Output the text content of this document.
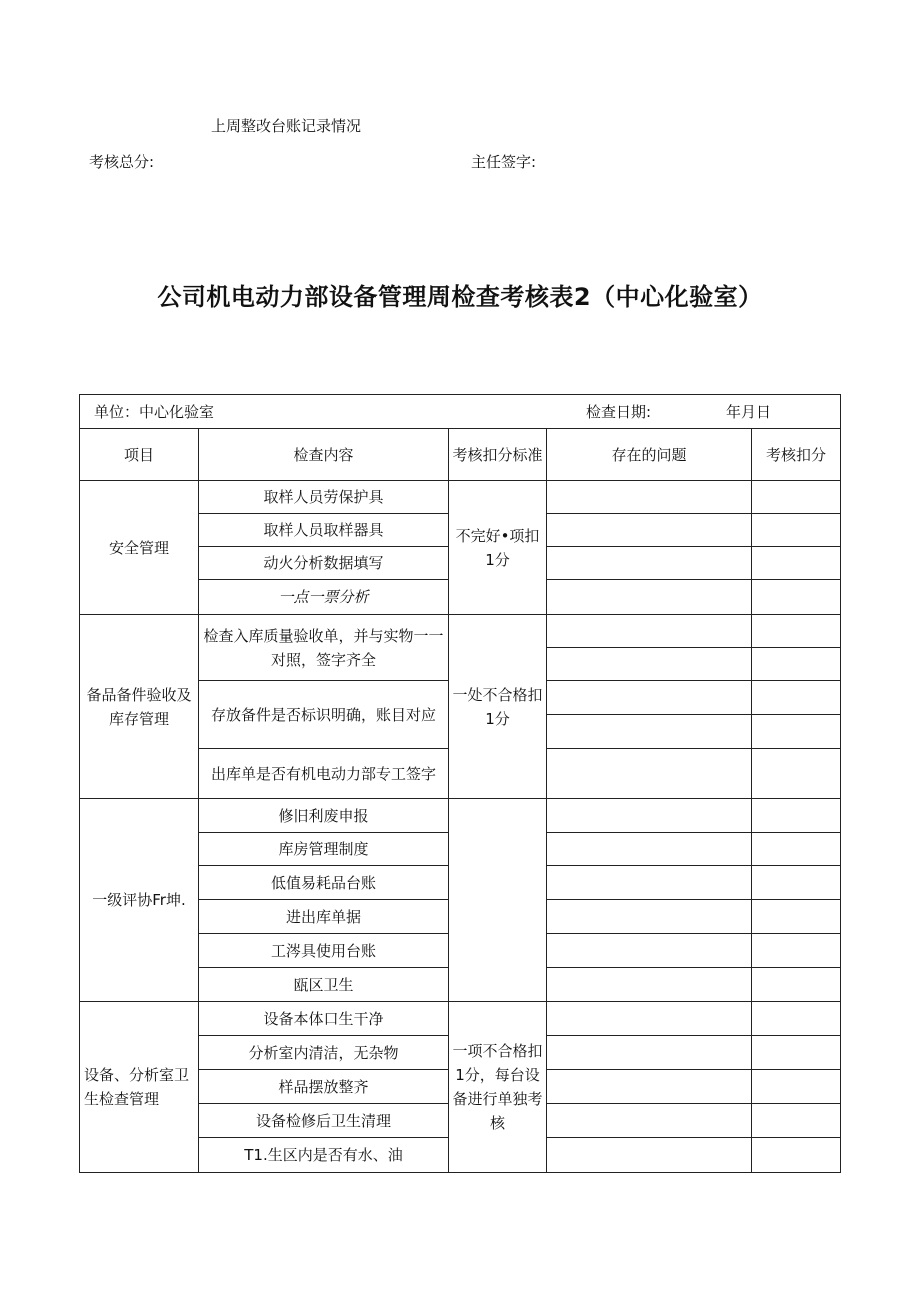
上周整改台账记录情况
考核总分:	主任签字:
公司机电动力部设备管理周检查考核表2（中心化验室）
单位：中心化验室 检查日期: 年月日				

项目	检查内容	考核扣分标准	存在的问题	考核扣分
安全管理	取样人员劳保护具	不完好•项扣1分		
	取样人员取样器具			
	动火分析数据填写			
	一点一票分析			
备品备件验收及库存管理	检查入库质量验收单，并与实物一一对照，签字齐全	一处不合格扣1分		

	存放备件是否标识明确，账目对应			

	出库单是否有机电动力部专工签字			

一级评协Fr坤.	修旧利废申报			
	库房管理制度			
	低值易耗品台账			
	进出库单据			
	工涔具使用台账			
	瓯区卫生			
设备、分析室卫生检查管理	设备本体口生干净	一项不合格扣1分，每台设备进行单独考核		
	分析室内清洁，无杂物			
	样品摆放整齐			
	设备检修后卫生清理			
	T1.生区内是否有水、油			
